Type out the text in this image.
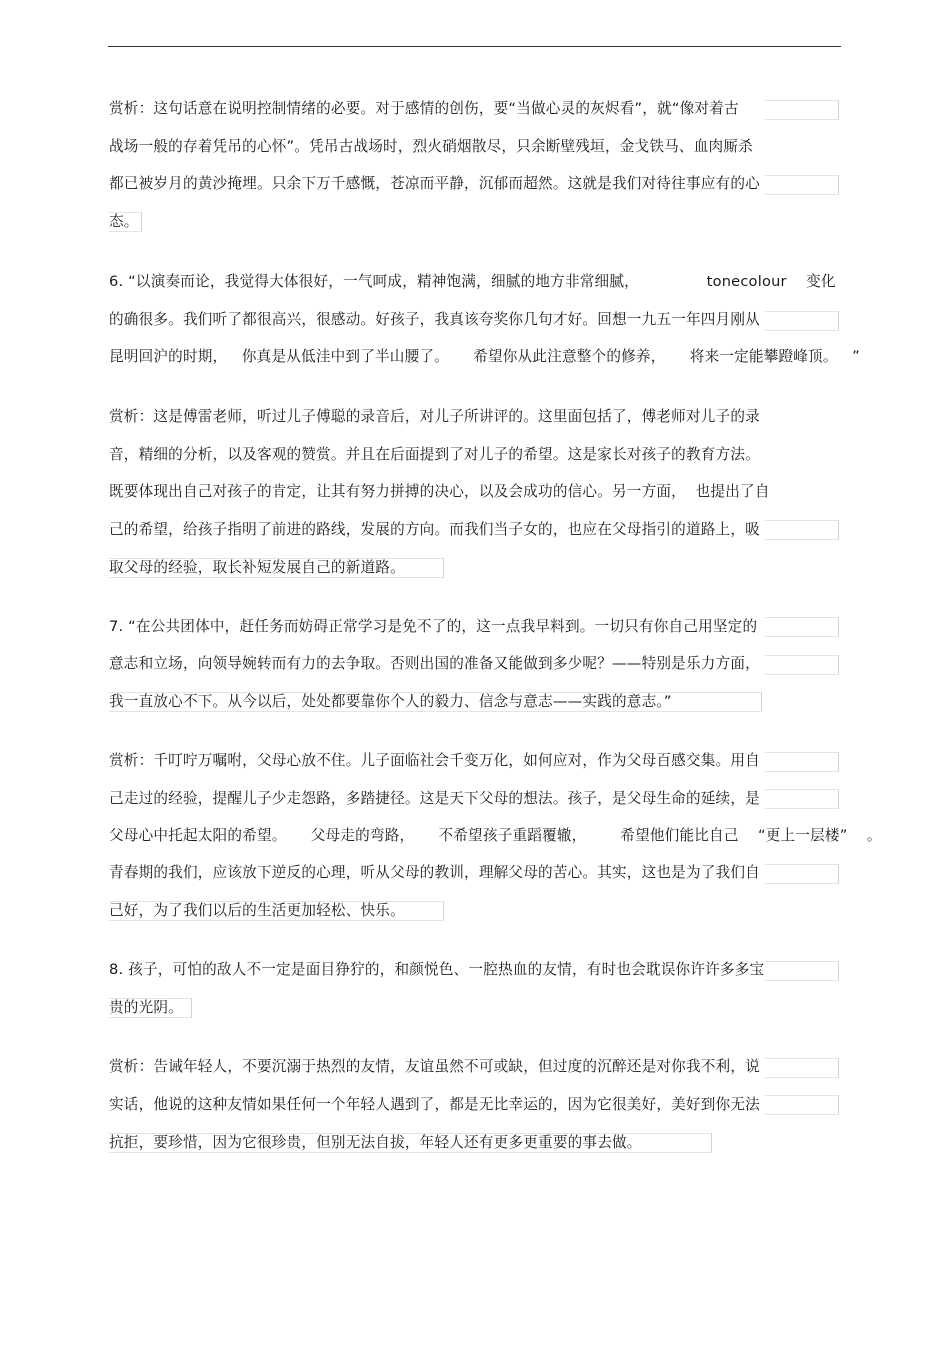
赏析：这句话意在说明控制情绪的必要。对于感情的创伤，要“当做心灵的灰烬看”，就“像对着古
战场一般的存着凭吊的心怀”。凭吊古战场时，烈火硝烟散尽，只余断壁残垣，金戈铁马、血肉厮杀
都已被岁月的黄沙掩埋。只余下万千感慨，苍凉而平静，沉郁而超然。这就是我们对待往事应有的心
态。
6. “以演奏而论，我觉得大体很好，一气呵成，精神饱满，细腻的地方非常细腻，              tonecolour    变化
的确很多。我们听了都很高兴，很感动。好孩子，我真该夸奖你几句才好。回想一九五一年四月刚从
昆明回沪的时期，   你真是从低洼中到了半山腰了。     希望你从此注意整个的修养，     将来一定能攀蹬峰顶。   ”
赏析：这是傅雷老师，听过儿子傅聪的录音后，对儿子所讲评的。这里面包括了，傅老师对儿子的录
音，精细的分析，以及客观的赞赏。并且在后面提到了对儿子的希望。这是家长对孩子的教育方法。
既要体现出自己对孩子的肯定，让其有努力拼搏的决心，以及会成功的信心。另一方面，  也提出了自
己的希望，给孩子指明了前进的路线，发展的方向。而我们当子女的，也应在父母指引的道路上，吸
取父母的经验，取长补短发展自己的新道路。
7. “在公共团体中，赶任务而妨碍正常学习是免不了的，这一点我早料到。一切只有你自己用坚定的
意志和立场，向领导婉转而有力的去争取。否则出国的准备又能做到多少呢？——特别是乐力方面，
我一直放心不下。从今以后，处处都要靠你个人的毅力、信念与意志——实践的意志。”
赏析：千叮咛万嘱咐，父母心放不住。儿子面临社会千变万化，如何应对，作为父母百感交集。用自
己走过的经验，提醒儿子少走怨路，多踏捷径。这是天下父母的想法。孩子，是父母生命的延续，是
父母心中托起太阳的希望。     父母走的弯路，     不希望孩子重蹈覆辙，       希望他们能比自己    “更上一层楼”    。
青春期的我们，应该放下逆反的心理，听从父母的教训，理解父母的苦心。其实，这也是为了我们自
己好，为了我们以后的生活更加轻松、快乐。
8. 孩子，可怕的敌人不一定是面目狰狞的，和颜悦色、一腔热血的友情，有时也会耽误你许许多多宝
贵的光阴。
赏析：告诫年轻人，不要沉溺于热烈的友情，友谊虽然不可或缺，但过度的沉醉还是对你我不利，说
实话，他说的这种友情如果任何一个年轻人遇到了，都是无比幸运的，因为它很美好，美好到你无法
抗拒，要珍惜，因为它很珍贵，但别无法自拔，年轻人还有更多更重要的事去做。
